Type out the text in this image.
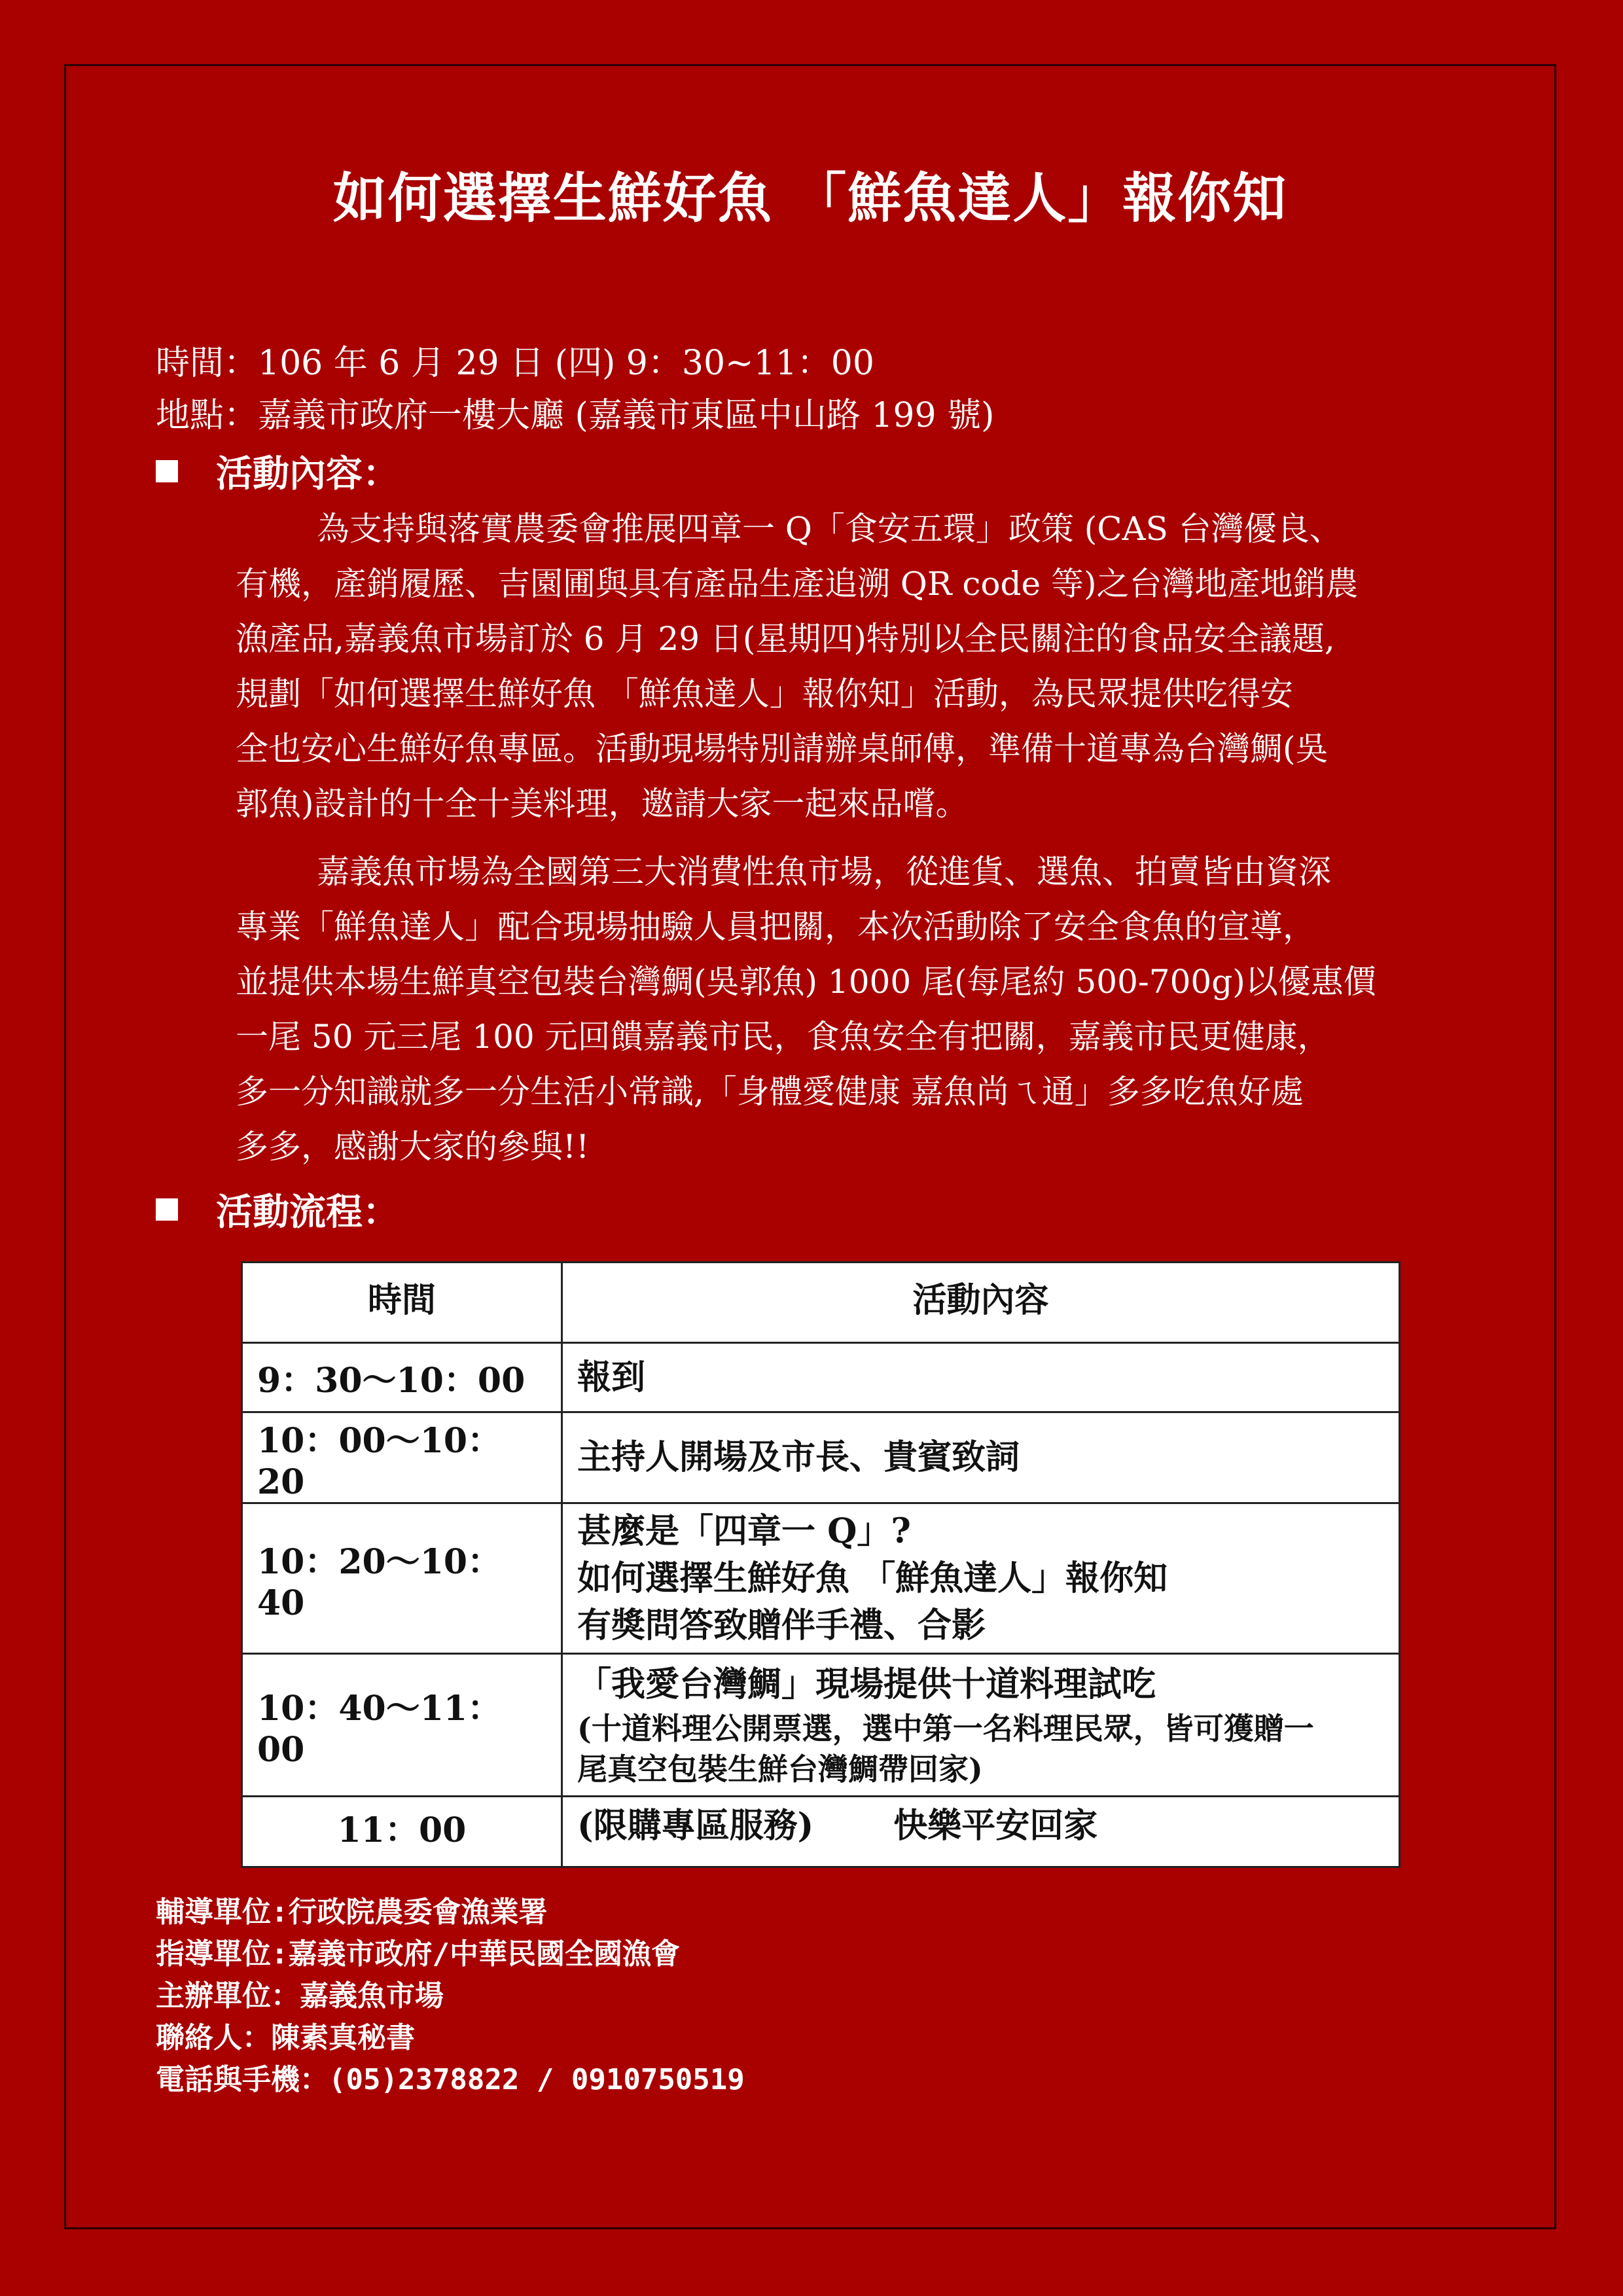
如何選擇生鮮好魚 「鮮魚達人」報你知
時間：106 年 6 月 29 日 (四) 9：30~11：00
地點：嘉義市政府一樓大廳 (嘉義市東區中山路 199 號)
活動內容：
為支持與落實農委會推展四章一 Q「食安五環」政策 (CAS 台灣優良、
有機，產銷履歷、吉園圃與具有產品生產追溯 QR code 等)之台灣地產地銷農
漁產品,嘉義魚市場訂於 6 月 29 日(星期四)特別以全民關注的食品安全議題,
規劃「如何選擇生鮮好魚 「鮮魚達人」報你知」活動，為民眾提供吃得安
全也安心生鮮好魚專區。活動現場特別請辦桌師傅，準備十道專為台灣鯛(吳
郭魚)設計的十全十美料理，邀請大家一起來品嚐。
嘉義魚市場為全國第三大消費性魚市場，從進貨、選魚、拍賣皆由資深
專業「鮮魚達人」配合現場抽驗人員把關，本次活動除了安全食魚的宣導，
並提供本場生鮮真空包裝台灣鯛(吳郭魚) 1000 尾(每尾約 500-700g)以優惠價
一尾 50 元三尾 100 元回饋嘉義市民，食魚安全有把關，嘉義市民更健康，
多一分知識就多一分生活小常識,「身體愛健康 嘉魚尚ㄟ通」多多吃魚好處
多多，感謝大家的參與!!
活動流程：
時間	活動內容
9：30～10：00	報到

10：00～10：20	主持人開場及市長、貴賓致詞

10：20～10：40	甚麼是「四章一 Q」?
如何選擇生鮮好魚 「鮮魚達人」報你知
有獎問答致贈伴手禮、合影

10：40～11：00	「我愛台灣鯛」現場提供十道料理試吃
(十道料理公開票選，選中第一名料理民眾，皆可獲贈一
尾真空包裝生鮮台灣鯛帶回家)

11：00	(限購專區服務)　　 快樂平安回家
輔導單位:行政院農委會漁業署
指導單位:嘉義市政府/中華民國全國漁會
主辦單位：嘉義魚市場
聯絡人：陳素真秘書
電話與手機：(05)2378822 / 0910750519
